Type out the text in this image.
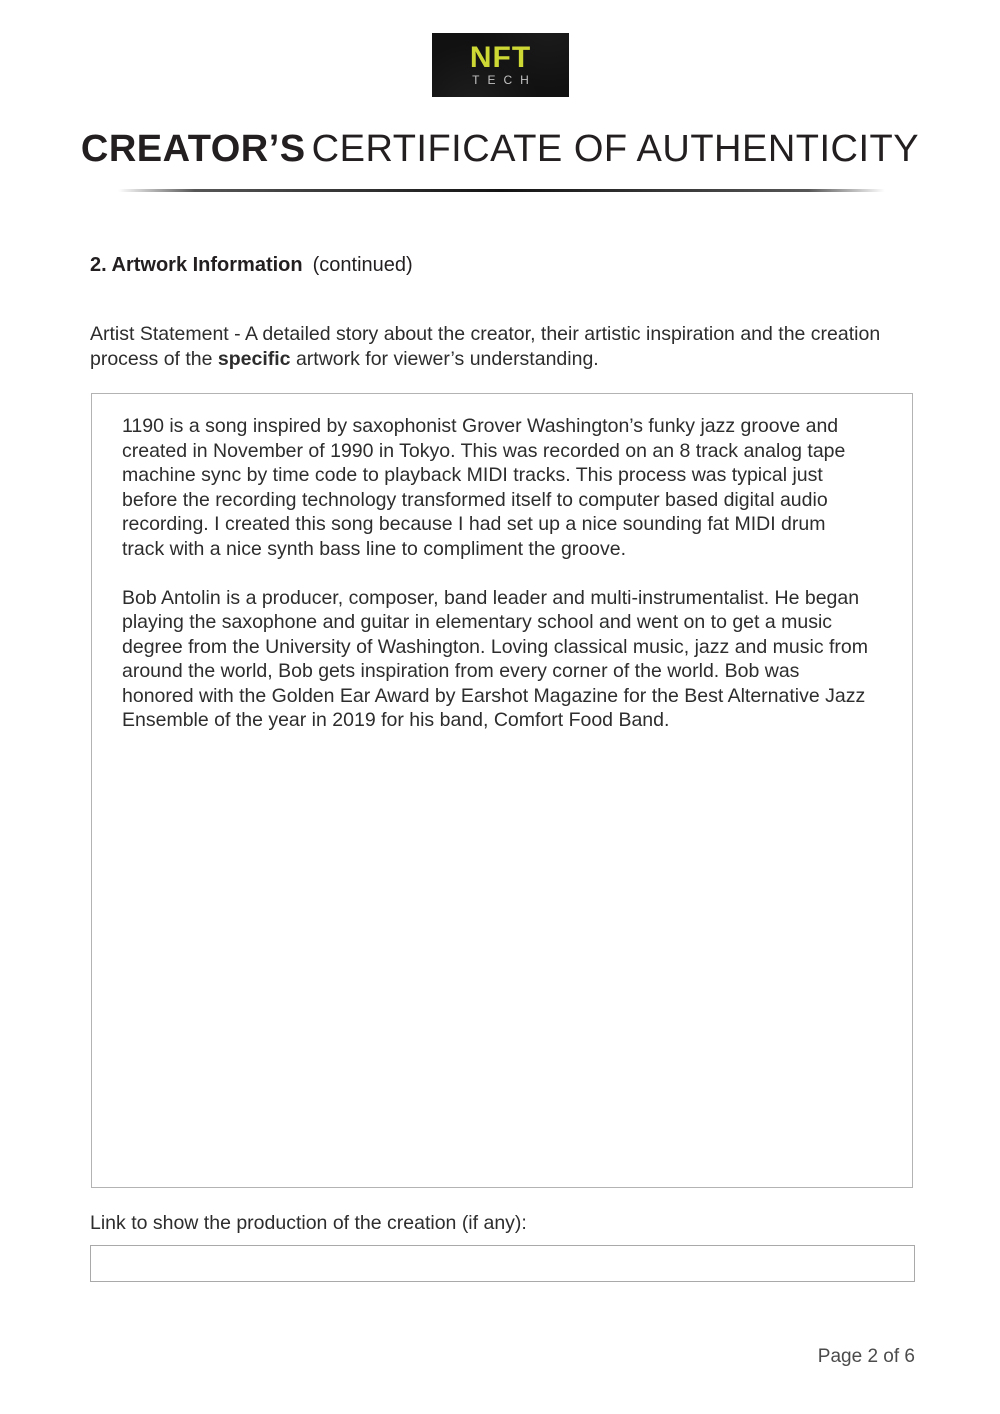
NFT
TECH
CREATOR’S CERTIFICATE OF AUTHENTICITY
2. Artwork Information (continued)
Artist Statement - A detailed story about the creator, their artistic inspiration and the creation process of the specific artwork for viewer’s understanding.

1190 is a song inspired by saxophonist Grover Washington’s funky jazz groove and created in November of 1990 in Tokyo. This was recorded on an 8 track analog tape machine sync by time code to playback MIDI tracks. This process was typical just before the recording technology transformed itself to computer based digital audio recording. I created this song because I had set up a nice sounding fat MIDI drum track with a nice synth bass line to compliment the groove.

Bob Antolin is a producer, composer, band leader and multi-instrumentalist. He began playing the saxophone and guitar in elementary school and went on to get a music degree from the University of Washington. Loving classical music, jazz and music from around the world, Bob gets inspiration from every corner of the world. Bob was honored with the Golden Ear Award by Earshot Magazine for the Best Alternative Jazz Ensemble of the year in 2019 for his band, Comfort Food Band.

Link to show the production of the creation (if any):
Page 2 of 6
